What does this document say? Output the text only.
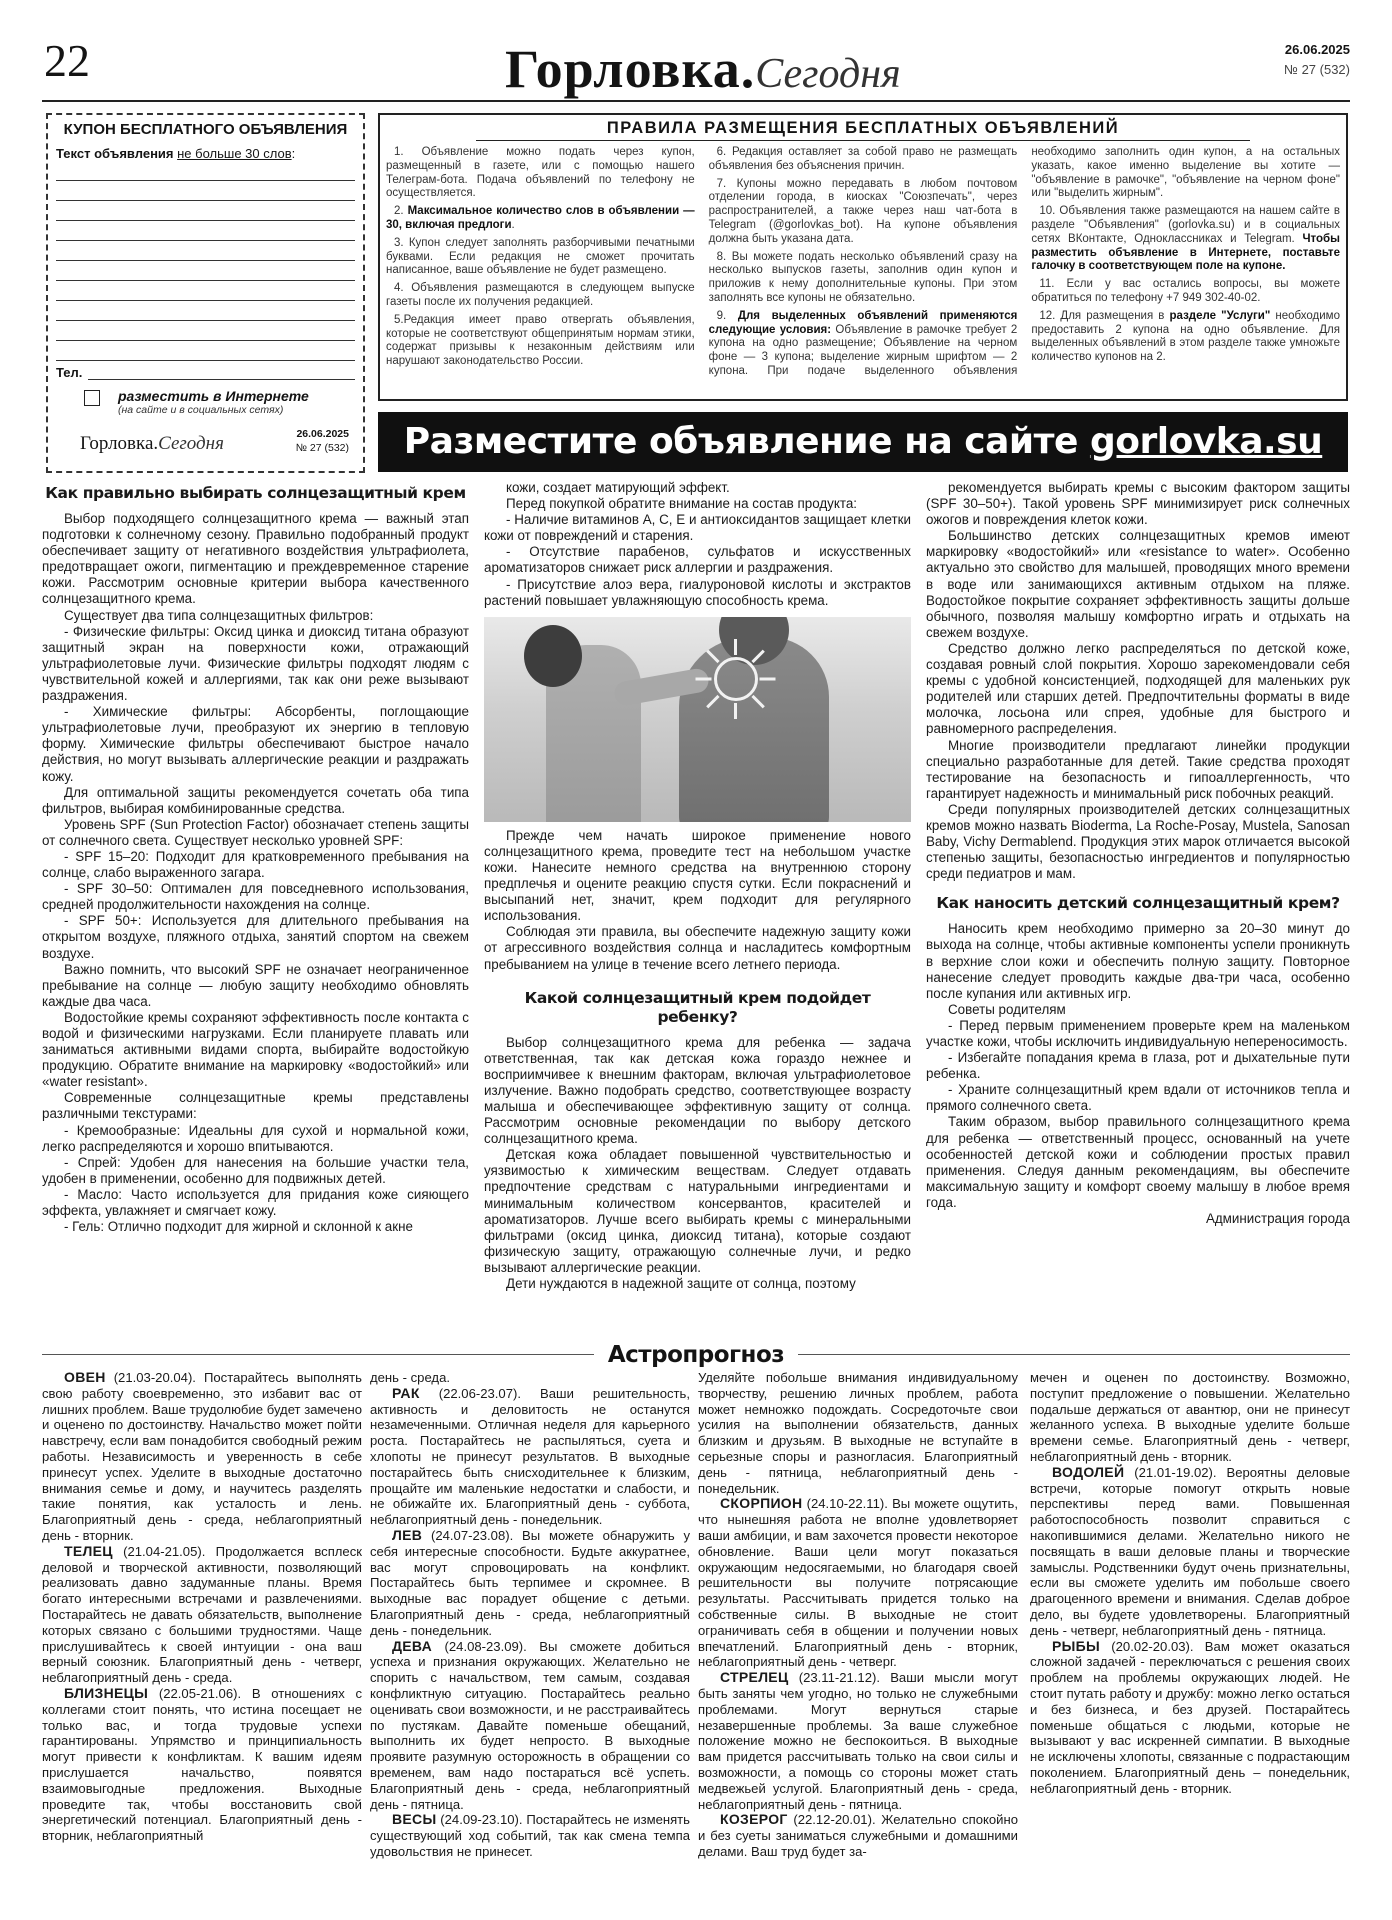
22	Горловка.Сегодня
26.06.2025
№ 27 (532)
КУПОН БЕСПЛАТНОГО ОБЪЯВЛЕНИЯ
Текст объявления не больше 30 слов:
Тел.
разместить в Интернете
(на сайте и в социальных сетях)
Горловка.Сегодня	26.06.2025
№ 27 (532)
ПРАВИЛА РАЗМЕЩЕНИЯ БЕСПЛАТНЫХ ОБЪЯВЛЕНИЙ

1. Объявление можно подать через купон, размещенный в газете, или с помощью нашего Телеграм-бота. Подача объявлений по телефону не осуществляется.

2. Максимальное количество слов в объявлении — 30, включая предлоги.

3. Купон следует заполнять разборчивыми печатными буквами. Если редакция не сможет прочитать написанное, ваше объявление не будет размещено.

4. Объявления размещаются в следующем выпуске газеты после их получения редакцией.

5.Редакция имеет право отвергать объявления, которые не соответствуют общепринятым нормам этики, содержат призывы к незаконным действиям или нарушают законодательство России.

6. Редакция оставляет за собой право не размещать объявления без объяснения причин.

7. Купоны можно передавать в любом почтовом отделении города, в киосках "Союзпечать", через распространителей, а также через наш чат-бота в Telegram (@gorlovkas_bot). На купоне объявления должна быть указана дата.

8. Вы можете подать несколько объявлений сразу на несколько выпусков газеты, заполнив один купон и приложив к нему дополнительные купоны. При этом заполнять все купоны не обязательно.

9. Для выделенных объявлений применяются следующие условия: Объявление в рамочке требует 2 купона на одно размещение; Объявление на черном фоне — 3 купона; выделение жирным шрифтом — 2 купона. При подаче выделенного объявления необходимо заполнить один купон, а на остальных указать, какое именно выделение вы хотите — "объявление в рамочке", "объявление на черном фоне" или "выделить жирным".

10. Объявления также размещаются на нашем сайте в разделе "Объявления" (gorlovka.su) и в социальных сетях ВКонтакте, Одноклассниках и Telegram. Чтобы разместить объявление в Интернете, поставьте галочку в соответствующем поле на купоне.

11. Если у вас остались вопросы, вы можете обратиться по телефону +7 949 302-40-02.

12. Для размещения в разделе "Услуги" необходимо предоставить 2 купона на одно объявление. Для выделенных объявлений в этом разделе также умножьте количество купонов на 2.

Разместите объявление на сайте gorlovka.su

Как правильно выбирать солнцезащитный крем

Выбор подходящего солнцезащитного крема — важный этап подготовки к солнечному сезону. Правильно подобранный продукт обеспечивает защиту от негативного воздействия ультрафиолета, предотвращает ожоги, пигментацию и преждевременное старение кожи. Рассмотрим основные критерии выбора качественного солнцезащитного крема.

Существует два типа солнцезащитных фильтров:

- Физические фильтры: Оксид цинка и диоксид титана образуют защитный экран на поверхности кожи, отражающий ультрафиолетовые лучи. Физические фильтры подходят людям с чувствительной кожей и аллергиями, так как они реже вызывают раздражения.

- Химические фильтры: Абсорбенты, поглощающие ультрафиолетовые лучи, преобразуют их энергию в тепловую форму. Химические фильтры обеспечивают быстрое начало действия, но могут вызывать аллергические реакции и раздражать кожу.

Для оптимальной защиты рекомендуется сочетать оба типа фильтров, выбирая комбинированные средства.

Уровень SPF (Sun Protection Factor) обозначает степень защиты от солнечного света. Существует несколько уровней SPF:

- SPF 15–20: Подходит для кратковременного пребывания на солнце, слабо выраженного загара.

- SPF 30–50: Оптимален для повседневного использования, средней продолжительности нахождения на солнце.

- SPF 50+: Используется для длительного пребывания на открытом воздухе, пляжного отдыха, занятий спортом на свежем воздухе.

Важно помнить, что высокий SPF не означает неограниченное пребывание на солнце — любую защиту необходимо обновлять каждые два часа.

Водостойкие кремы сохраняют эффективность после контакта с водой и физическими нагрузками. Если планируете плавать или заниматься активными видами спорта, выбирайте водостойкую продукцию. Обратите внимание на маркировку «водостойкий» или «water resistant».

Современные солнцезащитные кремы представлены различными текстурами:

- Кремообразные: Идеальны для сухой и нормальной кожи, легко распределяются и хорошо впитываются.

- Спрей: Удобен для нанесения на большие участки тела, удобен в применении, особенно для подвижных детей.

- Масло: Часто используется для придания коже сияющего эффекта, увлажняет и смягчает кожу.

- Гель: Отлично подходит для жирной и склонной к акне

кожи, создает матирующий эффект.

Перед покупкой обратите внимание на состав продукта:

- Наличие витаминов А, С, Е и антиоксидантов защищает клетки кожи от повреждений и старения.

- Отсутствие парабенов, сульфатов и искусственных ароматизаторов снижает риск аллергии и раздражения.

- Присутствие алоэ вера, гиалуроновой кислоты и экстрактов растений повышает увлажняющую способность крема.

Прежде чем начать широкое применение нового солнцезащитного крема, проведите тест на небольшом участке кожи. Нанесите немного средства на внутреннюю сторону предплечья и оцените реакцию спустя сутки. Если покраснений и высыпаний нет, значит, крем подходит для регулярного использования.

Соблюдая эти правила, вы обеспечите надежную защиту кожи от агрессивного воздействия солнца и насладитесь комфортным пребыванием на улице в течение всего летнего периода.

Какой солнцезащитный крем подойдет ребенку?

Выбор солнцезащитного крема для ребенка — задача ответственная, так как детская кожа гораздо нежнее и восприимчивее к внешним факторам, включая ультрафиолетовое излучение. Важно подобрать средство, соответствующее возрасту малыша и обеспечивающее эффективную защиту от солнца. Рассмотрим основные рекомендации по выбору детского солнцезащитного крема.

Детская кожа обладает повышенной чувствительностью и уязвимостью к химическим веществам. Следует отдавать предпочтение средствам с натуральными ингредиентами и минимальным количеством консервантов, красителей и ароматизаторов. Лучше всего выбирать кремы с минеральными фильтрами (оксид цинка, диоксид титана), которые создают физическую защиту, отражающую солнечные лучи, и редко вызывают аллергические реакции.

Дети нуждаются в надежной защите от солнца, поэтому

рекомендуется выбирать кремы с высоким фактором защиты (SPF 30–50+). Такой уровень SPF минимизирует риск солнечных ожогов и повреждения клеток кожи.

Большинство детских солнцезащитных кремов имеют маркировку «водостойкий» или «resistance to water». Особенно актуально это свойство для малышей, проводящих много времени в воде или занимающихся активным отдыхом на пляже. Водостойкое покрытие сохраняет эффективность защиты дольше обычного, позволяя малышу комфортно играть и отдыхать на свежем воздухе.

Средство должно легко распределяться по детской коже, создавая ровный слой покрытия. Хорошо зарекомендовали себя кремы с удобной консистенцией, подходящей для маленьких рук родителей или старших детей. Предпочтительны форматы в виде молочка, лосьона или спрея, удобные для быстрого и равномерного распределения.

Многие производители предлагают линейки продукции специально разработанные для детей. Такие средства проходят тестирование на безопасность и гипоаллергенность, что гарантирует надежность и минимальный риск побочных реакций.

Среди популярных производителей детских солнцезащитных кремов можно назвать Bioderma, La Roche-Posay, Mustela, Sanosan Baby, Vichy Dermablend. Продукция этих марок отличается высокой степенью защиты, безопасностью ингредиентов и популярностью среди педиатров и мам.

Как наносить детский солнцезащитный крем?

Наносить крем необходимо примерно за 20–30 минут до выхода на солнце, чтобы активные компоненты успели проникнуть в верхние слои кожи и обеспечить полную защиту. Повторное нанесение следует проводить каждые два-три часа, особенно после купания или активных игр.

Советы родителям

- Перед первым применением проверьте крем на маленьком участке кожи, чтобы исключить индивидуальную непереносимость.

- Избегайте попадания крема в глаза, рот и дыхательные пути ребенка.

- Храните солнцезащитный крем вдали от источников тепла и прямого солнечного света.

Таким образом, выбор правильного солнцезащитного крема для ребенка — ответственный процесс, основанный на учете особенностей детской кожи и соблюдении простых правил применения. Следуя данным рекомендациям, вы обеспечите максимальную защиту и комфорт своему малышу в любое время года.

Администрация города

Астропрогноз

ОВЕН (21.03-20.04). Постарайтесь выполнять свою работу своевременно, это избавит вас от лишних проблем. Ваше трудолюбие будет замечено и оценено по достоинству. Начальство может пойти навстречу, если вам понадобится свободный режим работы. Независимость и уверенность в себе принесут успех. Уделите в выходные достаточно внимания семье и дому, и научитесь разделять такие понятия, как усталость и лень. Благоприятный день - среда, неблагоприятный день - вторник.

ТЕЛЕЦ (21.04-21.05). Продолжается всплеск деловой и творческой активности, позволяющий реализовать давно задуманные планы. Время богато интересными встречами и развлечениями. Постарайтесь не давать обязательств, выполнение которых связано с большими трудностями. Чаще прислушивайтесь к своей интуиции - она ваш верный союзник. Благоприятный день - четверг, неблагоприятный день - среда.

БЛИЗНЕЦЫ (22.05-21.06). В отношениях с коллегами стоит понять, что истина посещает не только вас, и тогда трудовые успехи гарантированы. Упрямство и принципиальность могут привести к конфликтам. К вашим идеям прислушается начальство, появятся взаимовыгодные предложения. Выходные проведите так, чтобы восстановить свой энергетический потенциал. Благоприятный день - вторник, неблагоприятный

день - среда.

РАК (22.06-23.07). Ваши решительность, активность и деловитость не останутся незамеченными. Отличная неделя для карьерного роста. Постарайтесь не распыляться, суета и хлопоты не принесут результатов. В выходные постарайтесь быть снисходительнее к близким, прощайте им маленькие недостатки и слабости, и не обижайте их. Благоприятный день - суббота, неблагоприятный день - понедельник.

ЛЕВ (24.07-23.08). Вы можете обнаружить у себя интересные способности. Будьте аккуратнее, вас могут спровоцировать на конфликт. Постарайтесь быть терпимее и скромнее. В выходные вас порадует общение с детьми. Благоприятный день - среда, неблагоприятный день - понедельник.

ДЕВА (24.08-23.09). Вы сможете добиться успеха и признания окружающих. Желательно не спорить с начальством, тем самым, создавая конфликтную ситуацию. Постарайтесь реально оценивать свои возможности, и не расстраивайтесь по пустякам. Давайте поменьше обещаний, выполнить их будет непросто. В выходные проявите разумную осторожность в обращении со временем, вам надо постараться всё успеть. Благоприятный день - среда, неблагоприятный день - пятница.

ВЕСЫ (24.09-23.10). Постарайтесь не изменять существующий ход событий, так как смена темпа удовольствия не принесет.

Уделяйте побольше внимания индивидуальному творчеству, решению личных проблем, работа может немножко подождать. Сосредоточьте свои усилия на выполнении обязательств, данных близким и друзьям. В выходные не вступайте в серьезные споры и разногласия. Благоприятный день - пятница, неблагоприятный день - понедельник.

СКОРПИОН (24.10-22.11). Вы можете ощутить, что нынешняя работа не вполне удовлетворяет ваши амбиции, и вам захочется провести некоторое обновление. Ваши цели могут показаться окружающим недосягаемыми, но благодаря своей решительности вы получите потрясающие результаты. Рассчитывать придется только на собственные силы. В выходные не стоит ограничивать себя в общении и получении новых впечатлений. Благоприятный день - вторник, неблагоприятный день - четверг.

СТРЕЛЕЦ (23.11-21.12). Ваши мысли могут быть заняты чем угодно, но только не служебными проблемами. Могут вернуться старые незавершенные проблемы. За ваше служебное положение можно не беспокоиться. В выходные вам придется рассчитывать только на свои силы и возможности, а помощь со стороны может стать медвежьей услугой. Благоприятный день - среда, неблагоприятный день - пятница.

КОЗЕРОГ (22.12-20.01). Желательно спокойно и без суеты заниматься служебными и домашними делами. Ваш труд будет за-

мечен и оценен по достоинству. Возможно, поступит предложение о повышении. Желательно подальше держаться от авантюр, они не принесут желанного успеха. В выходные уделите больше времени семье. Благоприятный день - четверг, неблагоприятный день - вторник.

ВОДОЛЕЙ (21.01-19.02). Вероятны деловые встречи, которые помогут открыть новые перспективы перед вами. Повышенная работоспособность позволит справиться с накопившимися делами. Желательно никого не посвящать в ваши деловые планы и творческие замыслы. Родственники будут очень признательны, если вы сможете уделить им побольше своего драгоценного времени и внимания. Сделав доброе дело, вы будете удовлетворены. Благоприятный день - четверг, неблагоприятный день - пятница.

РЫБЫ (20.02-20.03). Вам может оказаться сложной задачей - переключаться с решения своих проблем на проблемы окружающих людей. Не стоит путать работу и дружбу: можно легко остаться и без бизнеса, и без друзей. Постарайтесь поменьше общаться с людьми, которые не вызывают у вас искренней симпатии. В выходные не исключены хлопоты, связанные с подрастающим поколением. Благоприятный день – понедельник, неблагоприятный день - вторник.
